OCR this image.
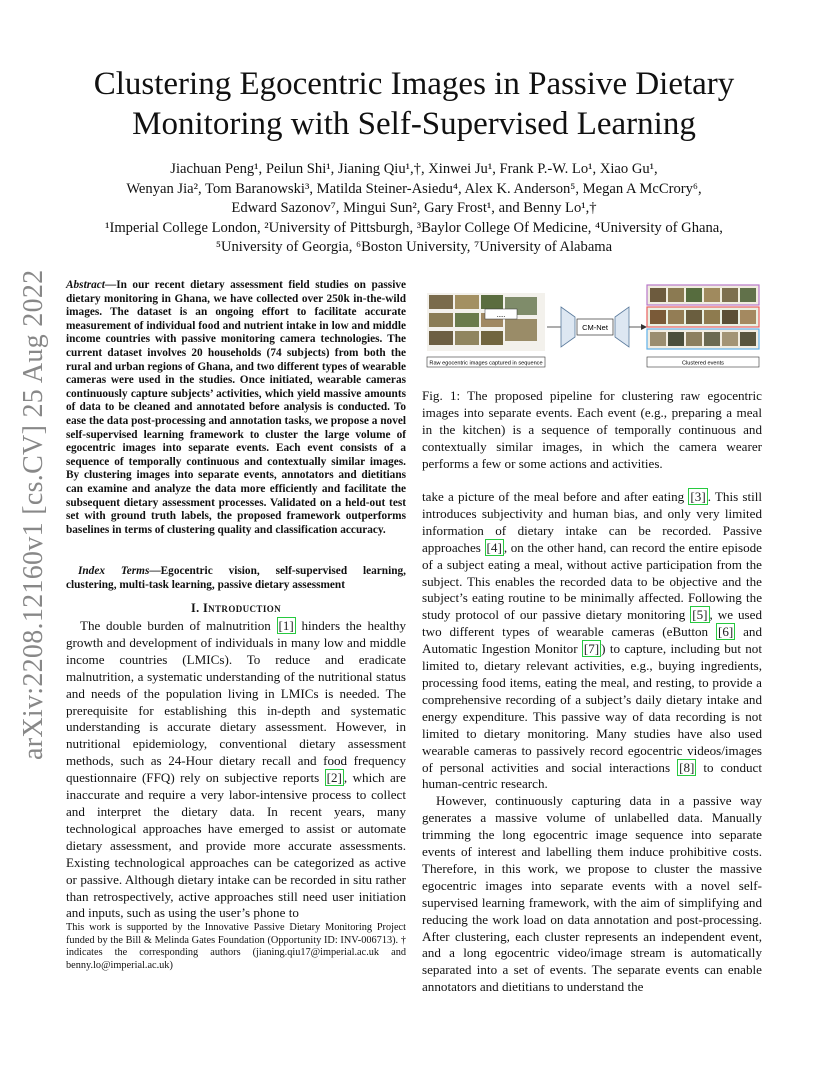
arXiv:2208.12160v1 [cs.CV] 25 Aug 2022
Clustering Egocentric Images in Passive Dietary
Monitoring with Self-Supervised Learning

Jiachuan Peng¹, Peilun Shi¹, Jianing Qiu¹,†, Xinwei Ju¹, Frank P.-W. Lo¹, Xiao Gu¹,

Wenyan Jia², Tom Baranowski³, Matilda Steiner-Asiedu⁴, Alex K. Anderson⁵, Megan A McCrory⁶,

Edward Sazonov⁷, Mingui Sun², Gary Frost¹, and Benny Lo¹,†

¹Imperial College London, ²University of Pittsburgh, ³Baylor College Of Medicine, ⁴University of Ghana,

⁵University of Georgia, ⁶Boston University, ⁷University of Alabama

Abstract—In our recent dietary assessment field studies on passive dietary monitoring in Ghana, we have collected over 250k in-the-wild images. The dataset is an ongoing effort to facilitate accurate measurement of individual food and nutrient intake in low and middle income countries with passive monitoring camera technologies. The current dataset involves 20 households (74 subjects) from both the rural and urban regions of Ghana, and two different types of wearable cameras were used in the studies. Once initiated, wearable cameras continuously capture subjects’ activities, which yield massive amounts of data to be cleaned and annotated before analysis is conducted. To ease the data post-processing and annotation tasks, we propose a novel self-supervised learning framework to cluster the large volume of egocentric images into separate events. Each event consists of a sequence of temporally continuous and contextually similar images. By clustering images into separate events, annotators and dietitians can examine and analyze the data more efficiently and facilitate the subsequent dietary assessment processes. Validated on a held-out test set with ground truth labels, the proposed framework outperforms baselines in terms of clustering quality and classification accuracy.

Index Terms—Egocentric vision, self-supervised learning, clustering, multi-task learning, passive dietary assessment

I. Introduction

The double burden of malnutrition [1] hinders the healthy growth and development of individuals in many low and middle income countries (LMICs). To reduce and eradicate malnutrition, a systematic understanding of the nutritional status and needs of the population living in LMICs is needed. The prerequisite for establishing this in-depth and systematic understanding is accurate dietary assessment. However, in nutritional epidemiology, conventional dietary assessment methods, such as 24-Hour dietary recall and food frequency questionnaire (FFQ) rely on subjective reports [2] , which are inaccurate and require a very labor-intensive process to collect and interpret the dietary data. In recent years, many technological approaches have emerged to assist or automate dietary assessment, and provide more accurate assessments. Existing technological approaches can be categorized as active or passive. Although dietary intake can be recorded in situ rather than retrospectively, active approaches still need user initiation and inputs, such as using the user’s phone to

This work is supported by the Innovative Passive Dietary Monitoring Project funded by the Bill & Melinda Gates Foundation (Opportunity ID: INV-006713). † indicates the corresponding authors (jianing.qiu17@imperial.ac.uk and benny.lo@imperial.ac.uk)

.....
Raw egocentric images captured in sequence
CM-Net
Clustered events

Fig. 1: The proposed pipeline for clustering raw egocentric images into separate events. Each event (e.g., preparing a meal in the kitchen) is a sequence of temporally continuous and contextually similar images, in which the camera wearer performs a few or some actions and activities.

take a picture of the meal before and after eating [3] . This still introduces subjectivity and human bias, and only very limited information of dietary intake can be recorded. Passive approaches [4] , on the other hand, can record the entire episode of a subject eating a meal, without active participation from the subject. This enables the recorded data to be objective and the subject’s eating routine to be minimally affected. Following the study protocol of our passive dietary monitoring [5] , we used two different types of wearable cameras (eButton [6] and Automatic Ingestion Monitor [7] ) to capture, including but not limited to, dietary relevant activities, e.g., buying ingredients, processing food items, eating the meal, and resting, to provide a comprehensive recording of a subject’s daily dietary intake and energy expenditure. This passive way of data recording is not limited to dietary monitoring. Many studies have also used wearable cameras to passively record egocentric videos/images of personal activities and social interactions [8] to conduct human-centric research.

However, continuously capturing data in a passive way generates a massive volume of unlabelled data. Manually trimming the long egocentric image sequence into separate events of interest and labelling them induce prohibitive costs. Therefore, in this work, we propose to cluster the massive egocentric images into separate events with a novel self-supervised learning framework, with the aim of simplifying and reducing the work load on data annotation and post-processing. After clustering, each cluster represents an independent event, and a long egocentric video/image stream is automatically separated into a set of events. The separate events can enable annotators and dietitians to understand the
